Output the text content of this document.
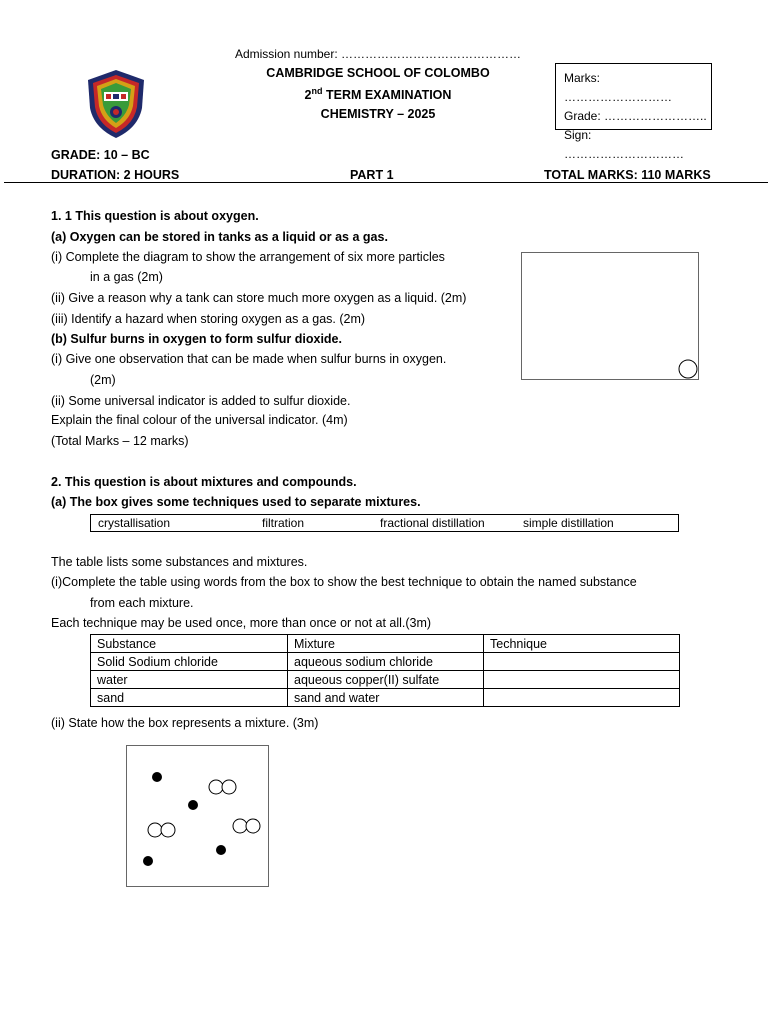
Admission number: ………………………………………
CAMBRIDGE SCHOOL OF COLOMBO
2nd TERM EXAMINATION
CHEMISTRY – 2025
Marks: ………………………
Grade: ……………………..
Sign: …………………………
GRADE: 10 – BC
DURATION: 2 HOURS	PART 1	TOTAL MARKS: 110 MARKS
1. 1 This question is about oxygen.
(a) Oxygen can be stored in tanks as a liquid or as a gas.
(i) Complete the diagram to show the arrangement of six more particles
in a gas (2m)
(ii) Give a reason why a tank can store much more oxygen as a liquid. (2m)
(iii) Identify a hazard when storing oxygen as a gas. (2m)
(b) Sulfur burns in oxygen to form sulfur dioxide.
(i) Give one observation that can be made when sulfur burns in oxygen.
(2m)
(ii) Some universal indicator is added to sulfur dioxide.
Explain the final colour of the universal indicator. (4m)
(Total Marks – 12 marks)
2. This question is about mixtures and compounds.
(a) The box gives some techniques used to separate mixtures.
crystallisation	filtration	fractional distillation	simple distillation
The table lists some substances and mixtures.
(i)Complete the table using words from the box to show the best technique to obtain the named substance
from each mixture.
Each technique may be used once, more than once or not at all.(3m)
Substance	Mixture	Technique
Solid Sodium chloride	aqueous sodium chloride	
water	aqueous copper(II) sulfate	
sand	sand and water	
(ii) State how the box represents a mixture. (3m)
